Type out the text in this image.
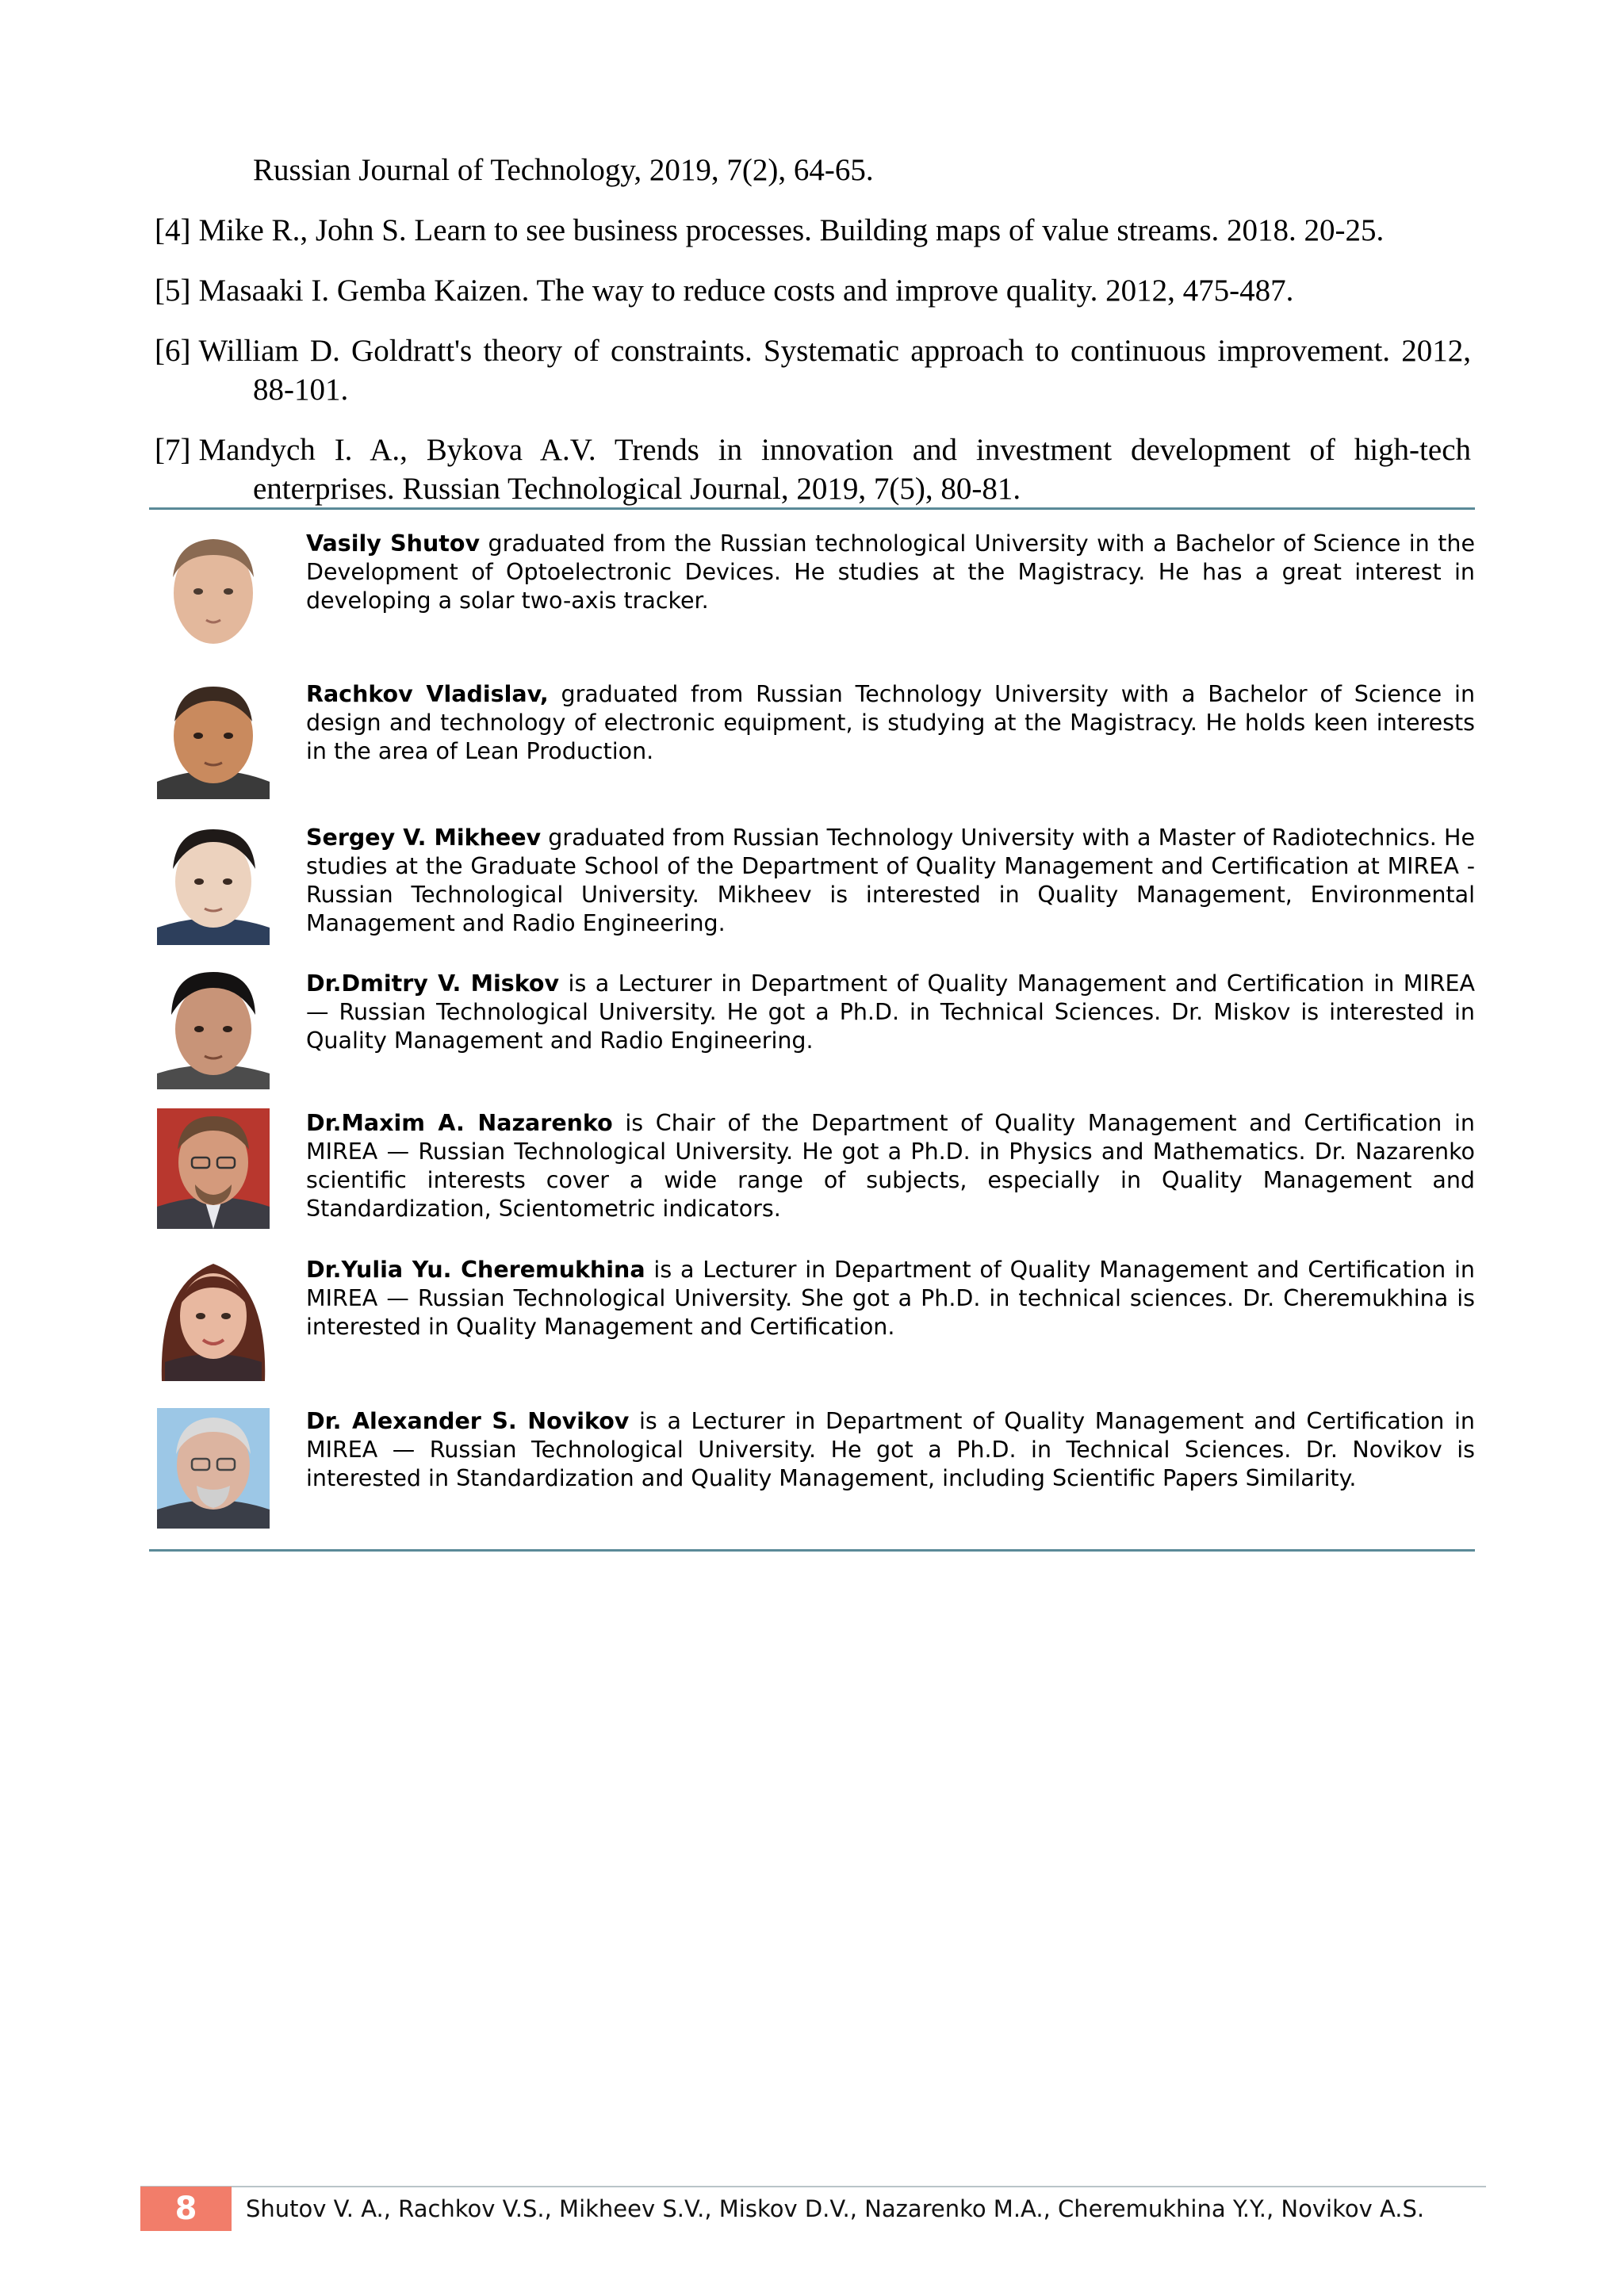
Russian Journal of Technology, 2019, 7(2), 64-65.

[4] Mike R., John S. Learn to see business processes. Building maps of value streams. 2018. 20-25.

[5] Masaaki I. Gemba Kaizen. The way to reduce costs and improve quality. 2012, 475-487.

[6] William D. Goldratt's theory of constraints. Systematic approach to continuous improvement. 2012, 88-101.

[7] Mandych I. A., Bykova A.V. Trends in innovation and investment development of high-tech enterprises. Russian Technological Journal, 2019, 7(5), 80-81.

Vasily Shutov graduated from the Russian technological University with a Bachelor of Science in the Development of Optoelectronic Devices. He studies at the Magistracy. He has a great interest in developing a solar two-axis tracker.
Rachkov Vladislav, graduated from Russian Technology University with a Bachelor of Science in design and technology of electronic equipment, is studying at the Magistracy. He holds keen interests in the area of Lean Production.
Sergey V. Mikheev graduated from Russian Technology University with a Master of Radiotechnics. He studies at the Graduate School of the Department of Quality Management and Certification at MIREA - Russian Technological University. Mikheev is interested in Quality Management, Environmental Management and Radio Engineering.
Dr.Dmitry V. Miskov is a Lecturer in Department of Quality Management and Certification in MIREA — Russian Technological University. He got a Ph.D. in Technical Sciences. Dr. Miskov is interested in Quality Management and Radio Engineering.
Dr.Maxim A. Nazarenko is Chair of the Department of Quality Management and Certification in MIREA — Russian Technological University. He got a Ph.D. in Physics and Mathematics. Dr. Nazarenko scientific interests cover a wide range of subjects, especially in Quality Management and Standardization, Scientometric indicators.
Dr.Yulia Yu. Cheremukhina is a Lecturer in Department of Quality Management and Certification in MIREA — Russian Technological University. She got a Ph.D. in technical sciences. Dr. Cheremukhina is interested in Quality Management and Certification.
Dr. Alexander S. Novikov is a Lecturer in Department of Quality Management and Certification in MIREA — Russian Technological University. He got a Ph.D. in Technical Sciences. Dr. Novikov is interested in Standardization and Quality Management, including Scientific Papers Similarity.
8	Shutov V. A., Rachkov V.S., Mikheev S.V., Miskov D.V., Nazarenko M.A., Cheremukhina Y.Y., Novikov A.S.
